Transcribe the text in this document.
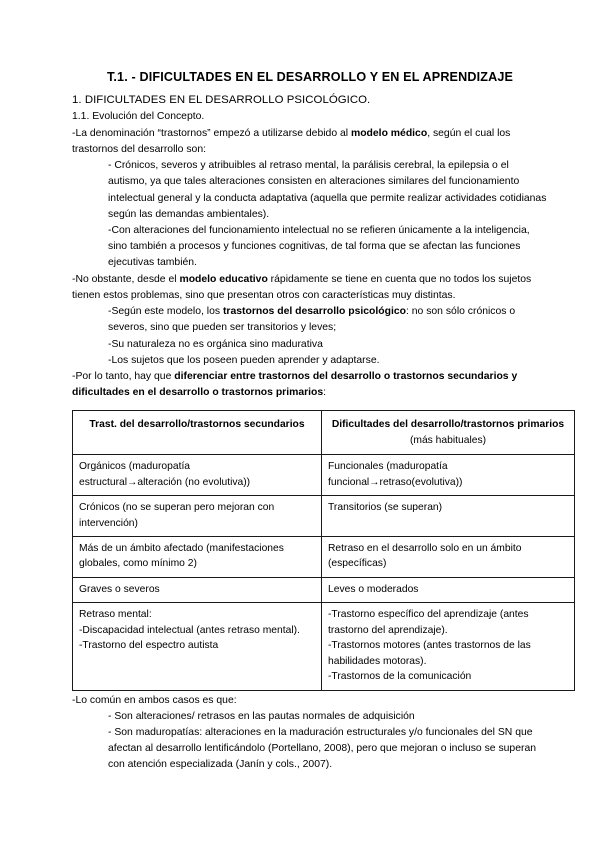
T.1. - DIFICULTADES EN EL DESARROLLO Y EN EL APRENDIZAJE

1. DIFICULTADES EN EL DESARROLLO PSICOLÓGICO.

1.1. Evolución del Concepto.

-La denominación “trastornos” empezó a utilizarse debido al modelo médico, según el cual los trastornos del desarrollo son:

- Crónicos, severos y atribuibles al retraso mental, la parálisis cerebral, la epilepsia o el autismo, ya que tales alteraciones consisten en alteraciones similares del funcionamiento intelectual general y la conducta adaptativa (aquella que permite realizar actividades cotidianas según las demandas ambientales).

-Con alteraciones del funcionamiento intelectual no se refieren únicamente a la inteligencia, sino también a procesos y funciones cognitivas, de tal forma que se afectan las funciones ejecutivas también.

-No obstante, desde el modelo educativo rápidamente se tiene en cuenta que no todos los sujetos tienen estos problemas, sino que presentan otros con características muy distintas.

-Según este modelo, los trastornos del desarrollo psicológico: no son sólo crónicos o severos, sino que pueden ser transitorios y leves;

-Su naturaleza no es orgánica sino madurativa

-Los sujetos que los poseen pueden aprender y adaptarse.

-Por lo tanto, hay que diferenciar entre trastornos del desarrollo o trastornos secundarios y dificultades en el desarrollo o trastornos primarios:

Trast. del desarrollo/trastornos secundarios	Dificultades del desarrollo/trastornos primarios (más habituales)

Orgánicos (maduropatía
estructural→alteración (no evolutiva))	Funcionales (maduropatía
funcional→retraso(evolutiva))

Crónicos (no se superan pero mejoran con intervención)	Transitorios (se superan)

Más de un ámbito afectado (manifestaciones globales, como mínimo 2)	Retraso en el desarrollo solo en un ámbito (específicas)

Graves o severos	Leves o moderados

Retraso mental:
-Discapacidad intelectual (antes retraso mental).
-Trastorno del espectro autista	-Trastorno específico del aprendizaje (antes trastorno del aprendizaje).
-Trastornos motores (antes trastornos de las habilidades motoras).
-Trastornos de la comunicación

-Lo común en ambos casos es que:

- Son alteraciones/ retrasos en las pautas normales de adquisición

- Son maduropatías: alteraciones en la maduración estructurales y/o funcionales del SN que afectan al desarrollo lentificándolo (Portellano, 2008), pero que mejoran o incluso se superan con atención especializada (Janín y cols., 2007).
